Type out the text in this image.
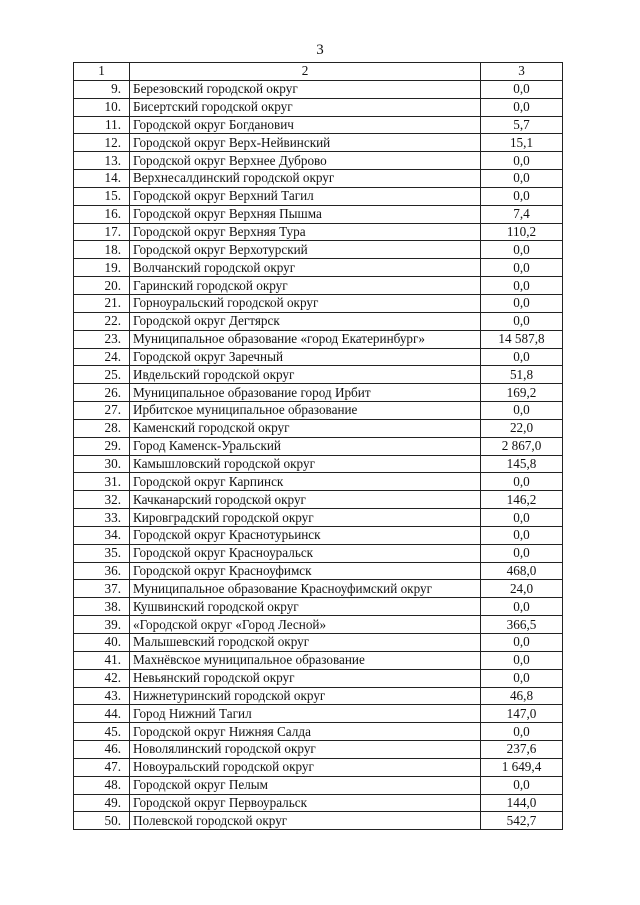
3
1	2	3
9.	Березовский городской округ	0,0
10.	Бисертский городской округ	0,0
11.	Городской округ Богданович	5,7
12.	Городской округ Верх-Нейвинский	15,1
13.	Городской округ Верхнее Дуброво	0,0
14.	Верхнесалдинский городской округ	0,0
15.	Городской округ Верхний Тагил	0,0
16.	Городской округ Верхняя Пышма	7,4
17.	Городской округ Верхняя Тура	110,2
18.	Городской округ Верхотурский	0,0
19.	Волчанский городской округ	0,0
20.	Гаринский городской округ	0,0
21.	Горноуральский городской округ	0,0
22.	Городской округ Дегтярск	0,0
23.	Муниципальное образование «город Екатеринбург»	14 587,8
24.	Городской округ Заречный	0,0
25.	Ивдельский городской округ	51,8
26.	Муниципальное образование город Ирбит	169,2
27.	Ирбитское муниципальное образование	0,0
28.	Каменский городской округ	22,0
29.	Город Каменск-Уральский	2 867,0
30.	Камышловский городской округ	145,8
31.	Городской округ Карпинск	0,0
32.	Качканарский городской округ	146,2
33.	Кировградский городской округ	0,0
34.	Городской округ Краснотурьинск	0,0
35.	Городской округ Красноуральск	0,0
36.	Городской округ Красноуфимск	468,0
37.	Муниципальное образование Красноуфимский округ	24,0
38.	Кушвинский городской округ	0,0
39.	«Городской округ «Город Лесной»	366,5
40.	Малышевский городской округ	0,0
41.	Махнёвское муниципальное образование	0,0
42.	Невьянский городской округ	0,0
43.	Нижнетуринский городской округ	46,8
44.	Город Нижний Тагил	147,0
45.	Городской округ Нижняя Салда	0,0
46.	Новолялинский городской округ	237,6
47.	Новоуральский городской округ	1 649,4
48.	Городской округ Пелым	0,0
49.	Городской округ Первоуральск	144,0
50.	Полевской городской округ	542,7
